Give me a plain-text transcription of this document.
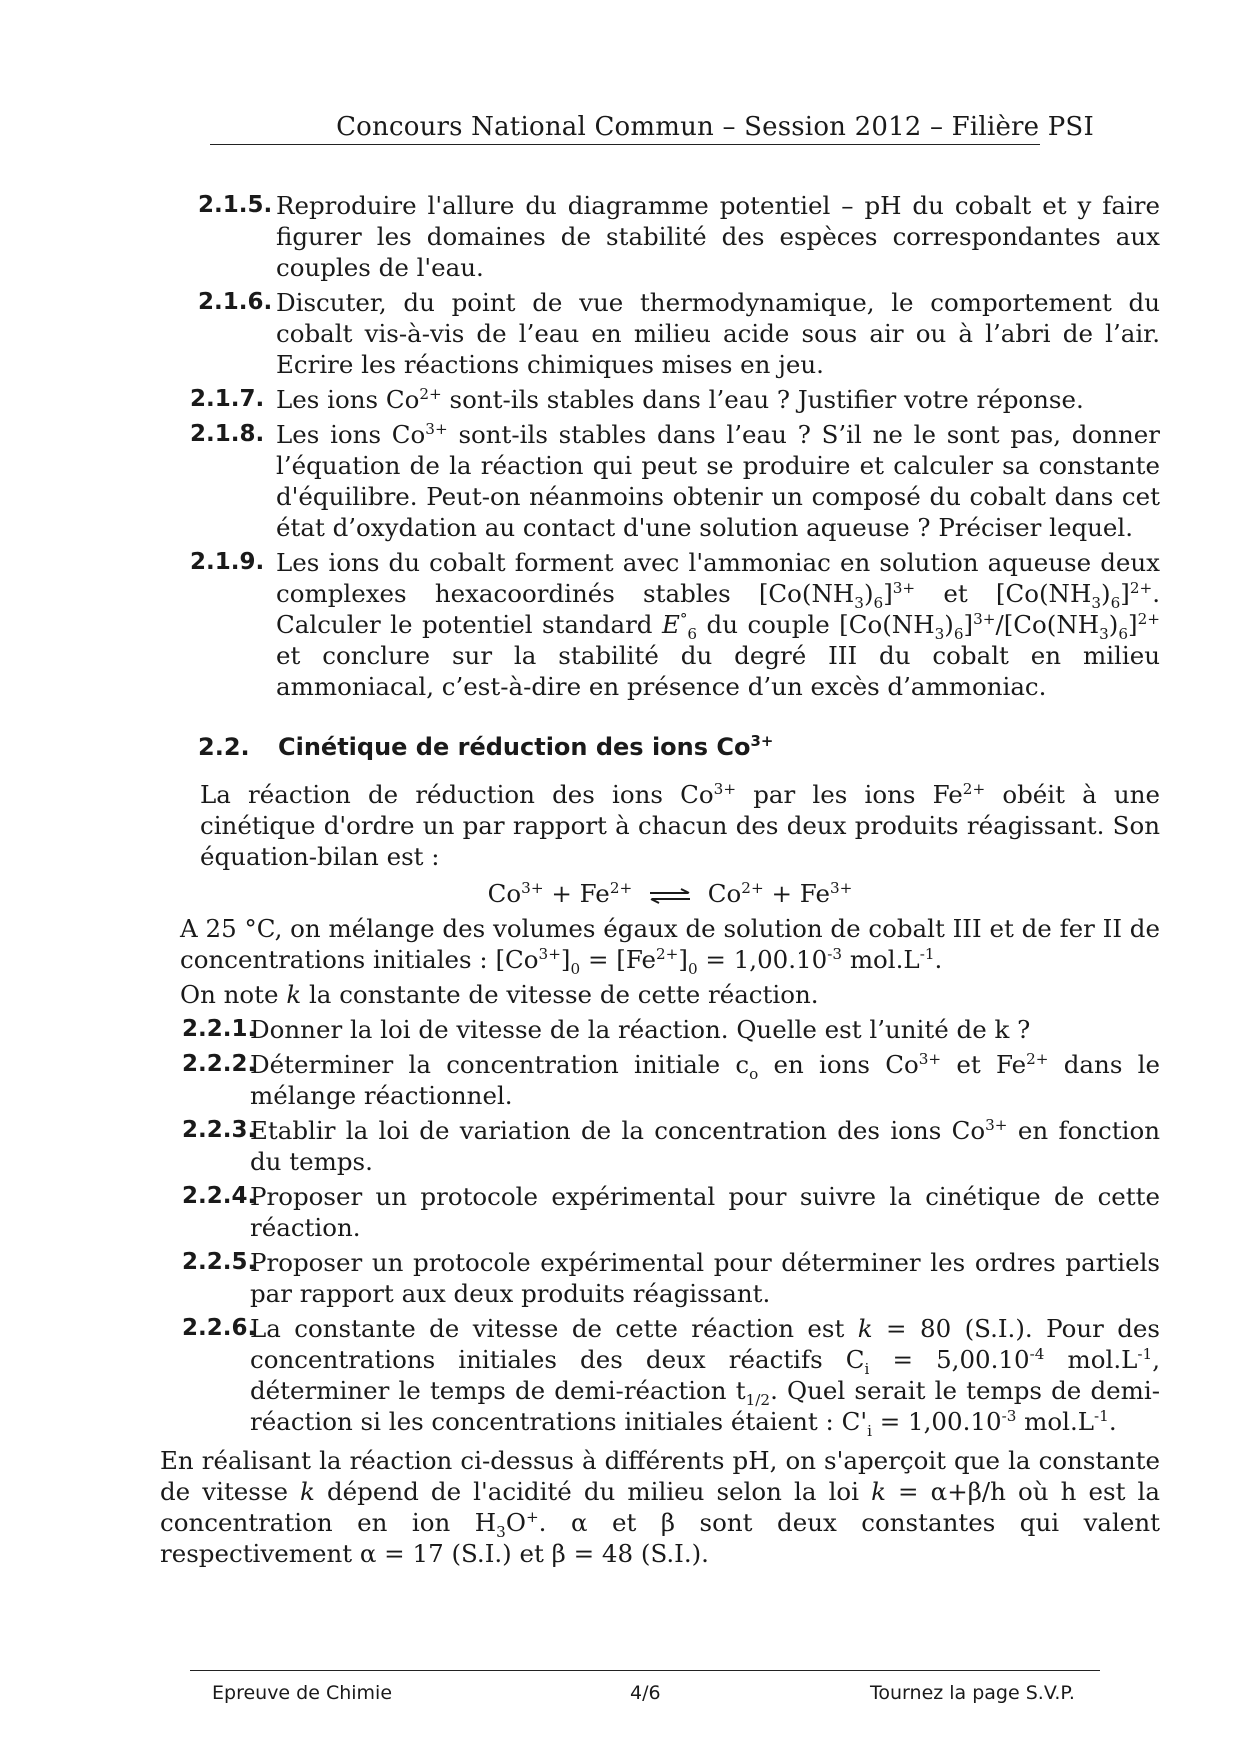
Concours National Commun – Session 2012 – Filière PSI
2.1.5. Reproduire l'allure du diagramme potentiel – pH du cobalt et y faire figurer les domaines de stabilité des espèces correspondantes aux couples de l'eau.
2.1.6. Discuter, du point de vue thermodynamique, le comportement du cobalt vis-à-vis de l’eau en milieu acide sous air ou à l’abri de l’air. Ecrire les réactions chimiques mises en jeu.
2.1.7. Les ions $Co^{2+}$ sont-ils stables dans l’eau ? Justifier votre réponse.
2.1.8. Les ions $Co^{3+}$ sont-ils stables dans l’eau ? S’il ne le sont pas, donner l’équation de la réaction qui peut se produire et calculer sa constante d'équilibre. Peut-on néanmoins obtenir un composé du cobalt dans cet état d’oxydation au contact d'une solution aqueuse ? Préciser lequel.
2.1.9. Les ions du cobalt forment avec l'ammoniac en solution aqueuse deux complexes hexacoordinés stables $[Co(NH_3)_6]^{3+}$ et $[Co(NH_3)_6]^{2+}$. Calculer le potentiel standard $E^\circ_6$ du couple $[Co(NH_3)_6]^{3+}/[Co(NH_3)_6]^{2+}$ et conclure sur la stabilité du degré III du cobalt en milieu ammoniacal, c’est-à-dire en présence d’un excès d’ammoniac.
2.2. Cinétique de réduction des ions $Co^{3+}$
La réaction de réduction des ions $Co^{3+}$ par les ions $Fe^{2+}$ obéit à une cinétique d'ordre un par rapport à chacun des deux produits réagissant. Son équation-bilan est :
$Co^{3+} + Fe^{2+}$ ⇌ $Co^{2+} + Fe^{3+}$
A 25 °C, on mélange des volumes égaux de solution de cobalt III et de fer II de concentrations initiales : $[Co^{3+}]_0 = [Fe^{2+}]_0 = 1,00.10^{-3}$ $mol.L^{-1}$.
On note k la constante de vitesse de cette réaction.
2.2.1.
Donner la loi de vitesse de la réaction. Quelle est l’unité de k ?
2.2.2.
Déterminer la concentration initiale $c_o$ en ions $Co^{3+}$ et $Fe^{2+}$ dans le mélange réactionnel.
2.2.3.
Etablir la loi de variation de la concentration des ions $Co^{3+}$ en fonction du temps.
2.2.4.
Proposer un protocole expérimental pour suivre la cinétique de cette réaction.
2.2.5.
Proposer un protocole expérimental pour déterminer les ordres partiels par rapport aux deux produits réagissant.
2.2.6.
La constante de vitesse de cette réaction est k = 80 (S.I.). Pour des concentrations initiales des deux réactifs $C_i = 5,00.10^{-4}$ $mol.L^{-1}$, déterminer le temps de demi-réaction $t_{1/2}$. Quel serait le temps de demi-réaction si les concentrations initiales étaient : $C'_i = 1,00.10^{-3}$ $mol.L^{-1}$.
En réalisant la réaction ci-dessus à différents pH, on s'aperçoit que la constante de vitesse k dépend de l'acidité du milieu selon la loi k = α+β/h où h est la concentration en ion $H_3O^+$. α et β sont deux constantes qui valent respectivement α = 17 (S.I.) et β = 48 (S.I.).
Epreuve de Chimie	4/6	Tournez la page S.V.P.
